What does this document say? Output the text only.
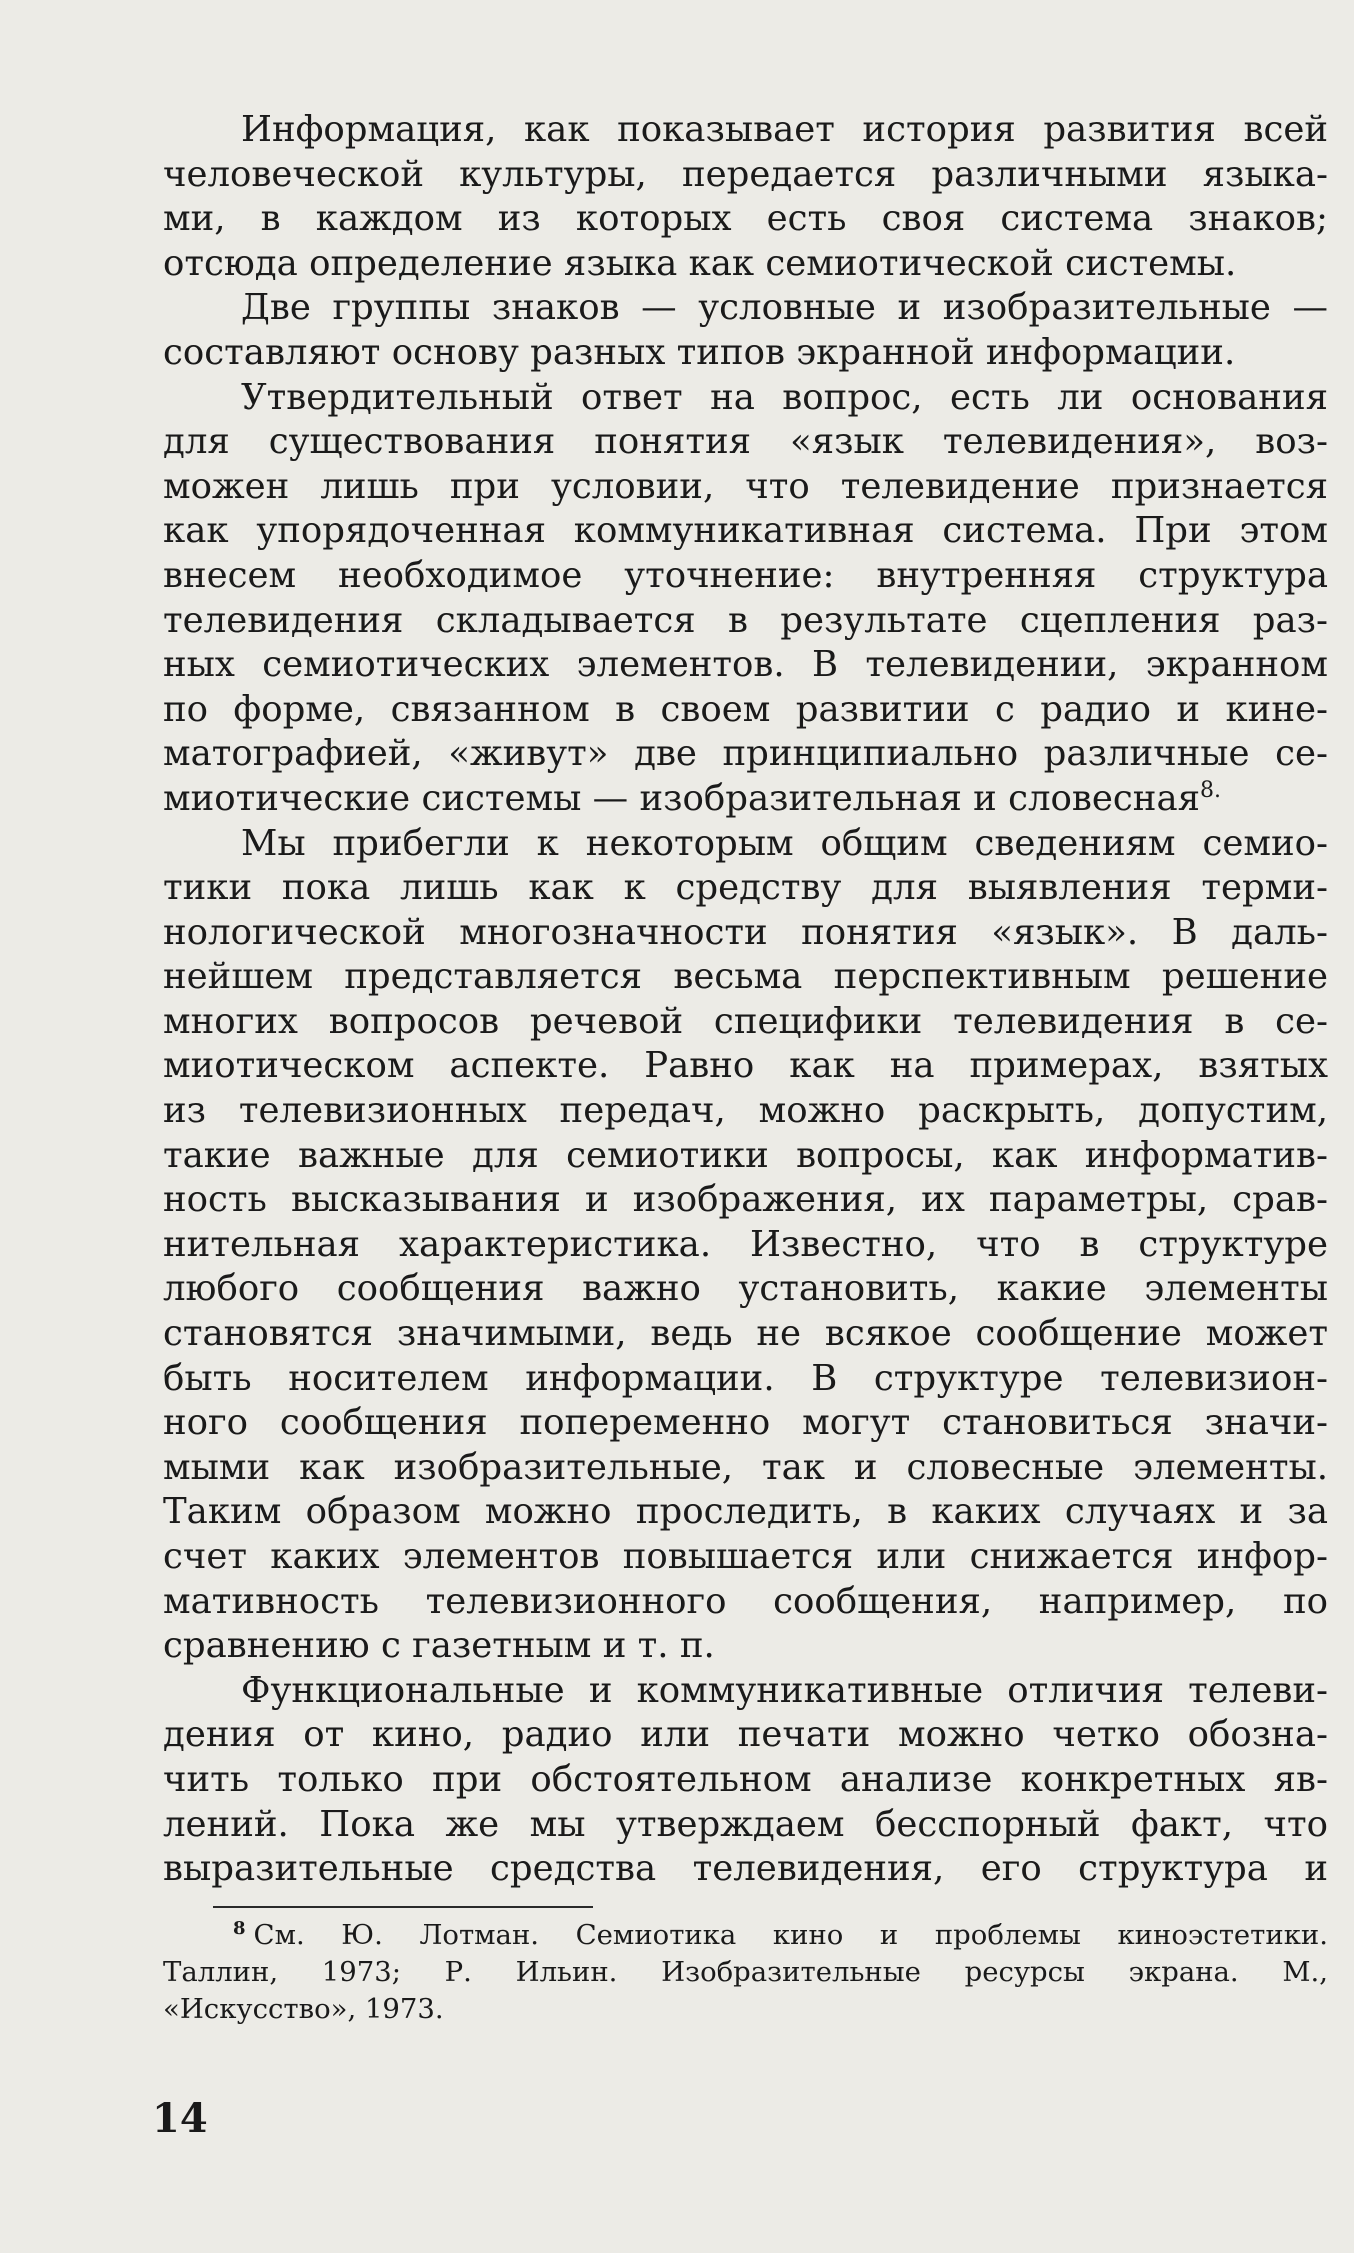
Информация, как показывает история развития всей
человеческой культуры, передается различными языка-
ми, в каждом из которых есть своя система знаков;
отсюда определение языка как семиотической системы.
Две группы знаков — условные и изобразительные —
составляют основу разных типов экранной информации.
Утвердительный ответ на вопрос, есть ли основания
для существования понятия «язык телевидения», воз-
можен лишь при условии, что телевидение признается
как упорядоченная коммуникативная система. При этом
внесем необходимое уточнение: внутренняя структура
телевидения складывается в результате сцепления раз-
ных семиотических элементов. В телевидении, экранном
по форме, связанном в своем развитии с радио и кине-
матографией, «живут» две принципиально различные се-
миотические системы — изобразительная и словесная$^{8.}$
Мы прибегли к некоторым общим сведениям семио-
тики пока лишь как к средству для выявления терми-
нологической многозначности понятия «язык». В даль-
нейшем представляется весьма перспективным решение
многих вопросов речевой специфики телевидения в се-
миотическом аспекте. Равно как на примерах, взятых
из телевизионных передач, можно раскрыть, допустим,
такие важные для семиотики вопросы, как информатив-
ность высказывания и изображения, их параметры, срав-
нительная характеристика. Известно, что в структуре
любого сообщения важно установить, какие элементы
становятся значимыми, ведь не всякое сообщение может
быть носителем информации. В структуре телевизион-
ного сообщения попеременно могут становиться значи-
мыми как изобразительные, так и словесные элементы.
Таким образом можно проследить, в каких случаях и за
счет каких элементов повышается или снижается инфор-
мативность телевизионного сообщения, например, по
сравнению с газетным и т. п.
Функциональные и коммуникативные отличия телеви-
дения от кино, радио или печати можно четко обозна-
чить только при обстоятельном анализе конкретных яв-
лений. Пока же мы утверждаем бесспорный факт, что
выразительные средства телевидения, его структура и
$^8$ См. Ю. Лотман. Семиотика кино и проблемы киноэстетики.
Таллин, 1973; Р. Ильин. Изобразительные ресурсы экрана. М.,
«Искусство», 1973.
14
